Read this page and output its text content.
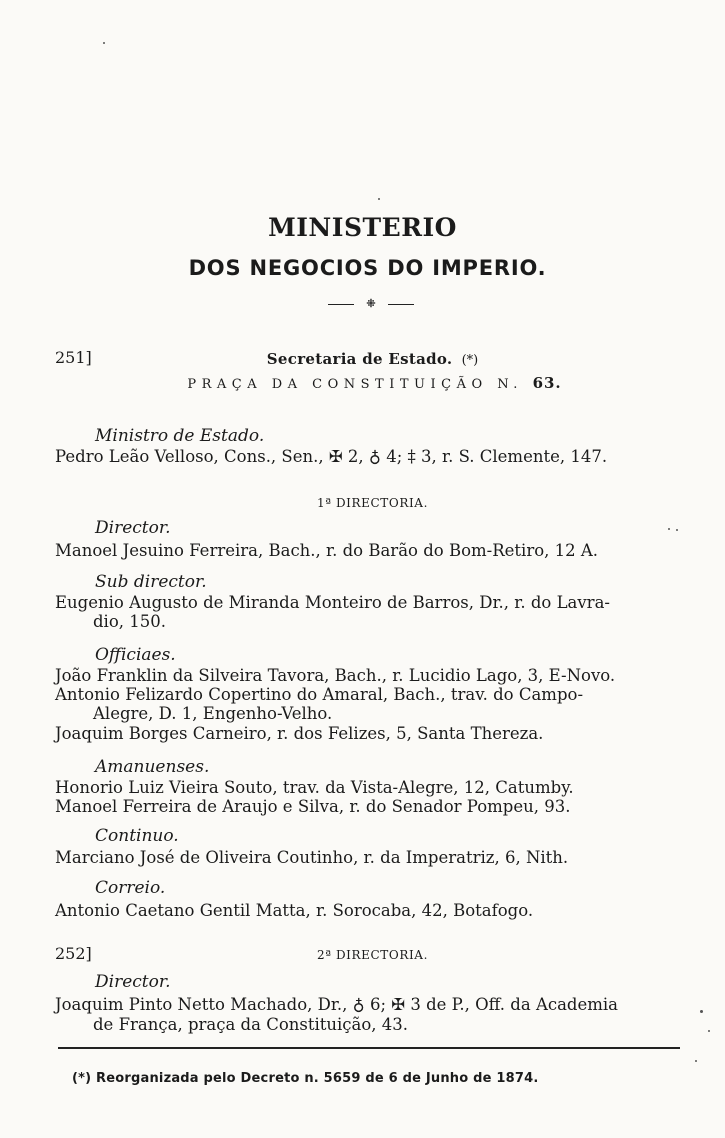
MINISTERIO
DOS NEGOCIOS DO IMPERIO.
⁜
251]	Secretaria de Estado. (*)
PRAÇA DA CONSTITUIÇÃO N. 63.
Ministro de Estado.
Pedro Leão Velloso, Cons., Sen., ✠ 2, ♁ 4; ‡ 3, r. S. Clemente, 147.
1ª DIRECTORIA.
Director.
Manoel Jesuino Ferreira, Bach., r. do Barão do Bom-Retiro, 12 A.
Sub director.
Eugenio Augusto de Miranda Monteiro de Barros, Dr., r. do Lavra-
dio, 150.
Officiaes.
João Franklin da Silveira Tavora, Bach., r. Lucidio Lago, 3, E-Novo.
Antonio Felizardo Copertino do Amaral, Bach., trav. do Campo-
Alegre, D. 1, Engenho-Velho.
Joaquim Borges Carneiro, r. dos Felizes, 5, Santa Thereza.
Amanuenses.
Honorio Luiz Vieira Souto, trav. da Vista-Alegre, 12, Catumby.
Manoel Ferreira de Araujo e Silva, r. do Senador Pompeu, 93.
Continuo.
Marciano José de Oliveira Coutinho, r. da Imperatriz, 6, Nith.
Correio.
Antonio Caetano Gentil Matta, r. Sorocaba, 42, Botafogo.
252]	2ª DIRECTORIA.
Director.
Joaquim Pinto Netto Machado, Dr., ♁ 6; ✠ 3 de P., Off. da Academia
de França, praça da Constituição, 43.
(*) Reorganizada pelo Decreto n. 5659 de 6 de Junho de 1874.
